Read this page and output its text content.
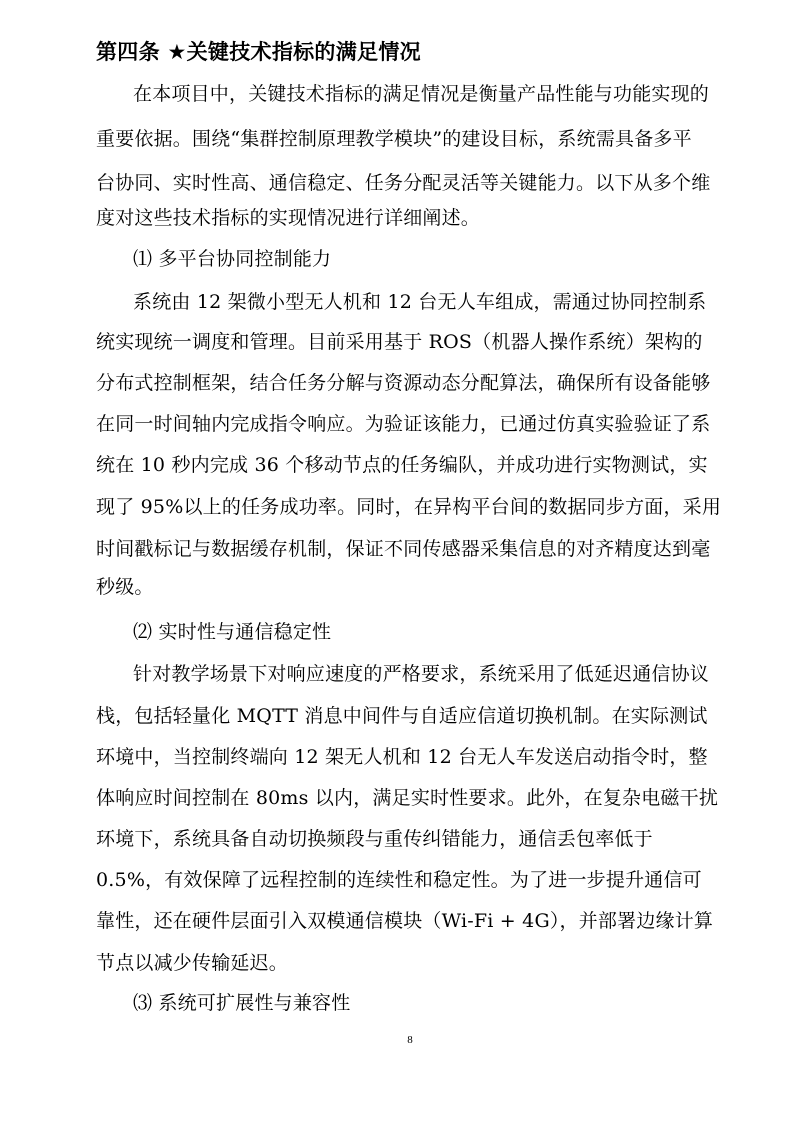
第四条 ★关键技术指标的满足情况
在本项目中，关键技术指标的满足情况是衡量产品性能与功能实现的
重要依据。围绕“集群控制原理教学模块”的建设目标，系统需具备多平
台协同、实时性高、通信稳定、任务分配灵活等关键能力。以下从多个维
度对这些技术指标的实现情况进行详细阐述。
⑴ 多平台协同控制能力
系统由 12 架微小型无人机和 12 台无人车组成，需通过协同控制系
统实现统一调度和管理。目前采用基于 ROS（机器人操作系统）架构的
分布式控制框架，结合任务分解与资源动态分配算法，确保所有设备能够
在同一时间轴内完成指令响应。为验证该能力，已通过仿真实验验证了系
统在 10 秒内完成 36 个移动节点的任务编队，并成功进行实物测试，实
现了 95%以上的任务成功率。同时，在异构平台间的数据同步方面，采用
时间戳标记与数据缓存机制，保证不同传感器采集信息的对齐精度达到毫
秒级。
⑵ 实时性与通信稳定性
针对教学场景下对响应速度的严格要求，系统采用了低延迟通信协议
栈，包括轻量化 MQTT 消息中间件与自适应信道切换机制。在实际测试
环境中，当控制终端向 12 架无人机和 12 台无人车发送启动指令时，整
体响应时间控制在 80ms 以内，满足实时性要求。此外，在复杂电磁干扰
环境下，系统具备自动切换频段与重传纠错能力，通信丢包率低于
0.5%，有效保障了远程控制的连续性和稳定性。为了进一步提升通信可
靠性，还在硬件层面引入双模通信模块（Wi-Fi + 4G），并部署边缘计算
节点以减少传输延迟。
⑶ 系统可扩展性与兼容性
8
